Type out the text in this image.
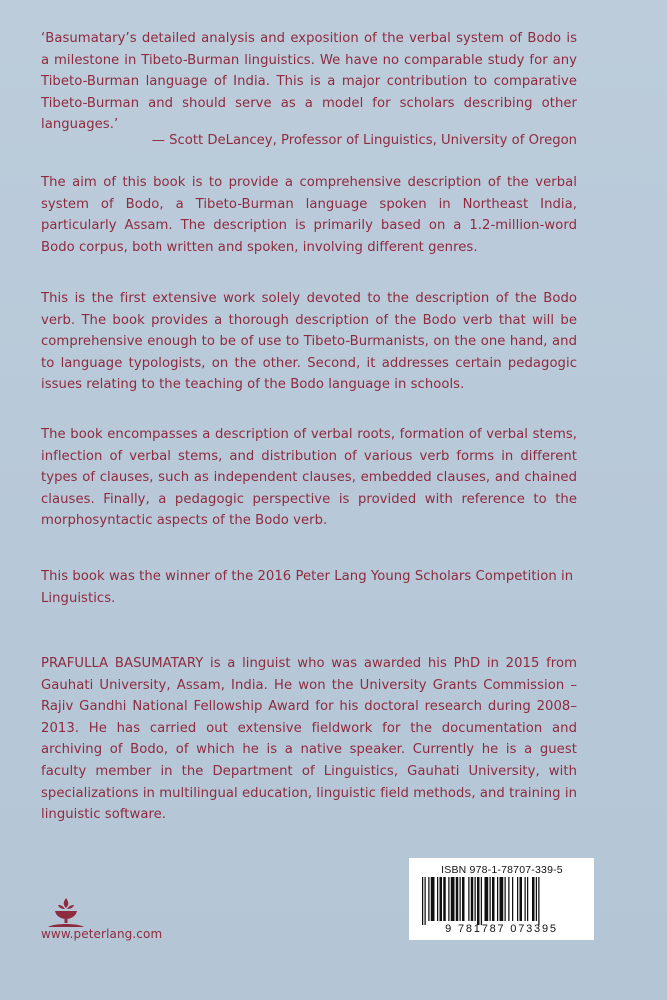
‘Basumatary’s detailed analysis and exposition of the verbal system of Bodo is a milestone in Tibeto-Burman linguistics. We have no comparable study for any Tibeto-Burman language of India. This is a major contribution to comparative Tibeto-Burman and should serve as a model for scholars describing other languages.’

— Scott DeLancey, Professor of Linguistics, University of Oregon

The aim of this book is to provide a comprehensive description of the verbal system of Bodo, a Tibeto-Burman language spoken in Northeast India, particularly Assam. The description is primarily based on a 1.2-million-word Bodo corpus, both written and spoken, involving different genres.

This is the first extensive work solely devoted to the description of the Bodo verb. The book provides a thorough description of the Bodo verb that will be comprehensive enough to be of use to Tibeto-Burmanists, on the one hand, and to language typologists, on the other. Second, it addresses certain pedagogic issues relating to the teaching of the Bodo language in schools.

The book encompasses a description of verbal roots, formation of verbal stems, inflection of verbal stems, and distribution of various verb forms in different types of clauses, such as independent clauses, embedded clauses, and chained clauses. Finally, a pedagogic perspective is provided with reference to the morphosyntactic aspects of the Bodo verb.

This book was the winner of the 2016 Peter Lang Young Scholars Competition in Linguistics.

PRAFULLA BASUMATARY is a linguist who was awarded his PhD in 2015 from Gauhati University, Assam, India. He won the University Grants Commission – Rajiv Gandhi National Fellowship Award for his doctoral research during 2008–2013. He has carried out extensive fieldwork for the documentation and archiving of Bodo, of which he is a native speaker. Currently he is a guest faculty member in the Department of Linguistics, Gauhati University, with specializations in multilingual education, linguistic field methods, and training in linguistic software.

www.peterlang.com
ISBN 978-1-78707-339-5
9 781787 073395
